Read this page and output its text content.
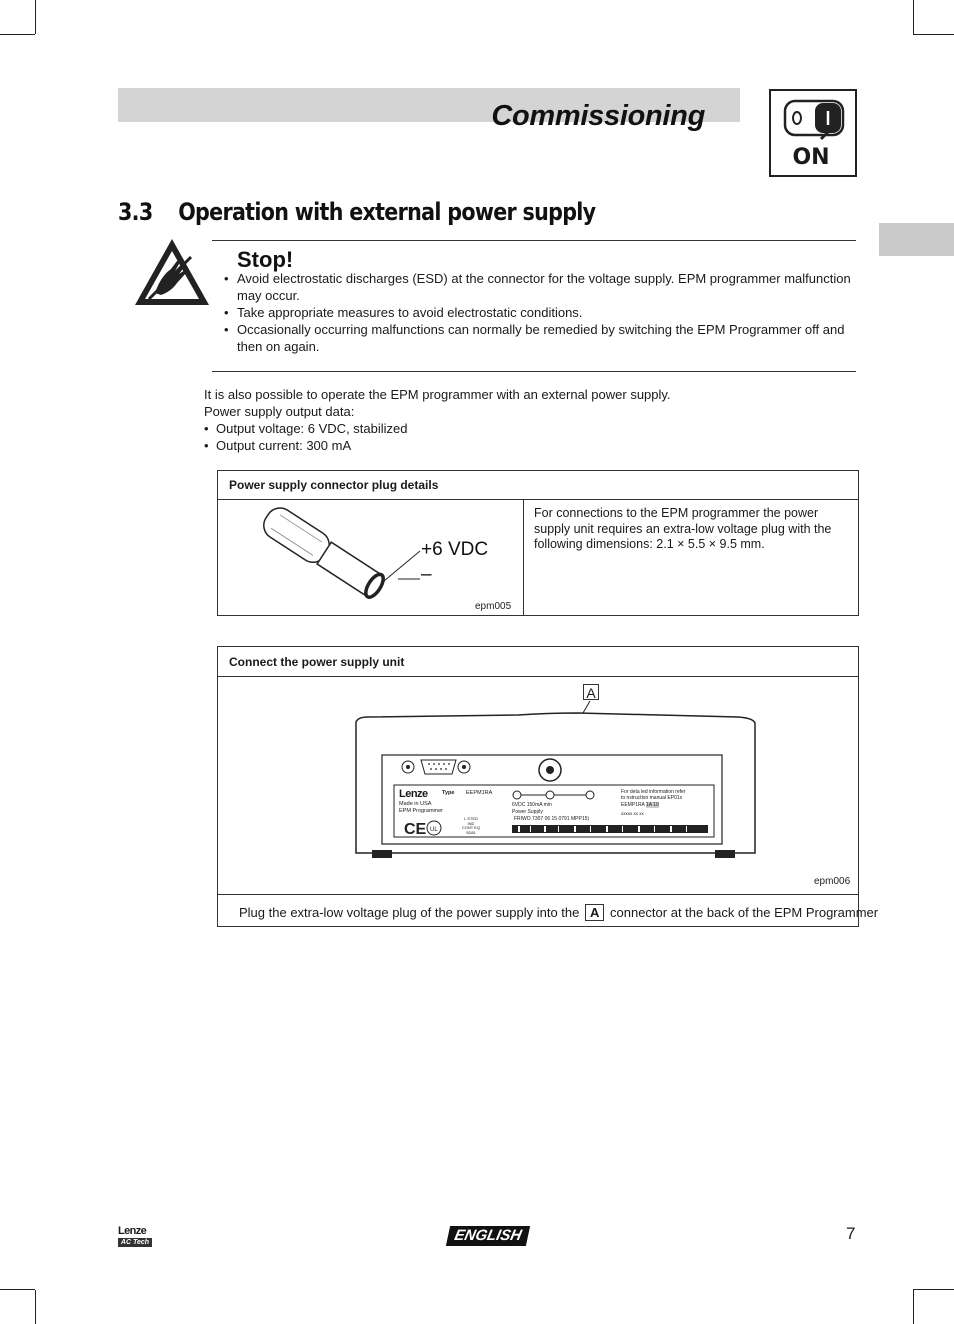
Commissioning
ON
3.3 Operation with external power supply
Stop!
• Avoid electrostatic discharges (ESD) at the connector for the voltage supply. EPM programmer malfunction may occur.
• Take appropriate measures to avoid electrostatic conditions.
• Occasionally occurring malfunctions can normally be remedied by switching the EPM Programmer off and then on again.
It is also possible to operate the EPM programmer with an external power supply.
Power supply output data:
• Output voltage: 6 VDC, stabilized
• Output current: 300 mA
Power supply connector plug details
+6 VDC
–
epm005
For connections to the EPM programmer the power supply unit requires an extra-low voltage plug with the following dimensions: 2.1 × 5.5 × 9.5 mm.
Connect the power supply unit
A
CE UL
Lenze	Type EEPM1RA
Made in USA
EPM Programmer
6VDC 150mA min
Power Supply
FRIWO 7307 06 15 0791 MPP15)
For deta led information refer
to nstruction manual EP01x
EEMP1RA 1A 10
xxxxx xx xx
L STED
IND
CONT EQ
5D81
epm006
Plug the extra-low voltage plug of the power supply into the A connector at the back of the EPM Programmer
Lenze
AC Tech	ENGLISH	7
